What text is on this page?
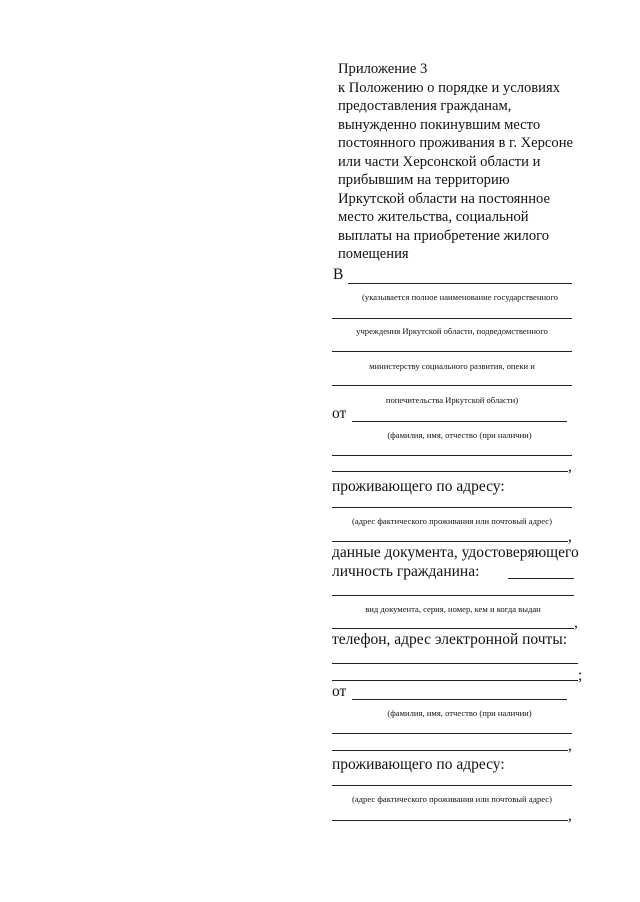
Приложение 3
к Положению о порядке и условиях
предоставления гражданам,
вынужденно покинувшим место
постоянного проживания в г. Херсоне
или части Херсонской области и
прибывшим на территорию
Иркутской области на постоянное
место жительства, социальной
выплаты на приобретение жилого
помещения
В
(указывается полное наименование государственного
учреждения Иркутской области, подведомственного
министерству социального развития, опеки и
попечительства Иркутской области)
от
(фамилия, имя, отчество (при наличии)
,
проживающего по адресу:
(адрес фактического проживания или почтовый адрес)
,
данные документа, удостоверяющего
личность гражданина:
вид документа, серия, номер, кем и когда выдан
,
телефон, адрес электронной почты:
;
от
(фамилия, имя, отчество (при наличии)
,
проживающего по адресу:
(адрес фактического проживания или почтовый адрес)
,
